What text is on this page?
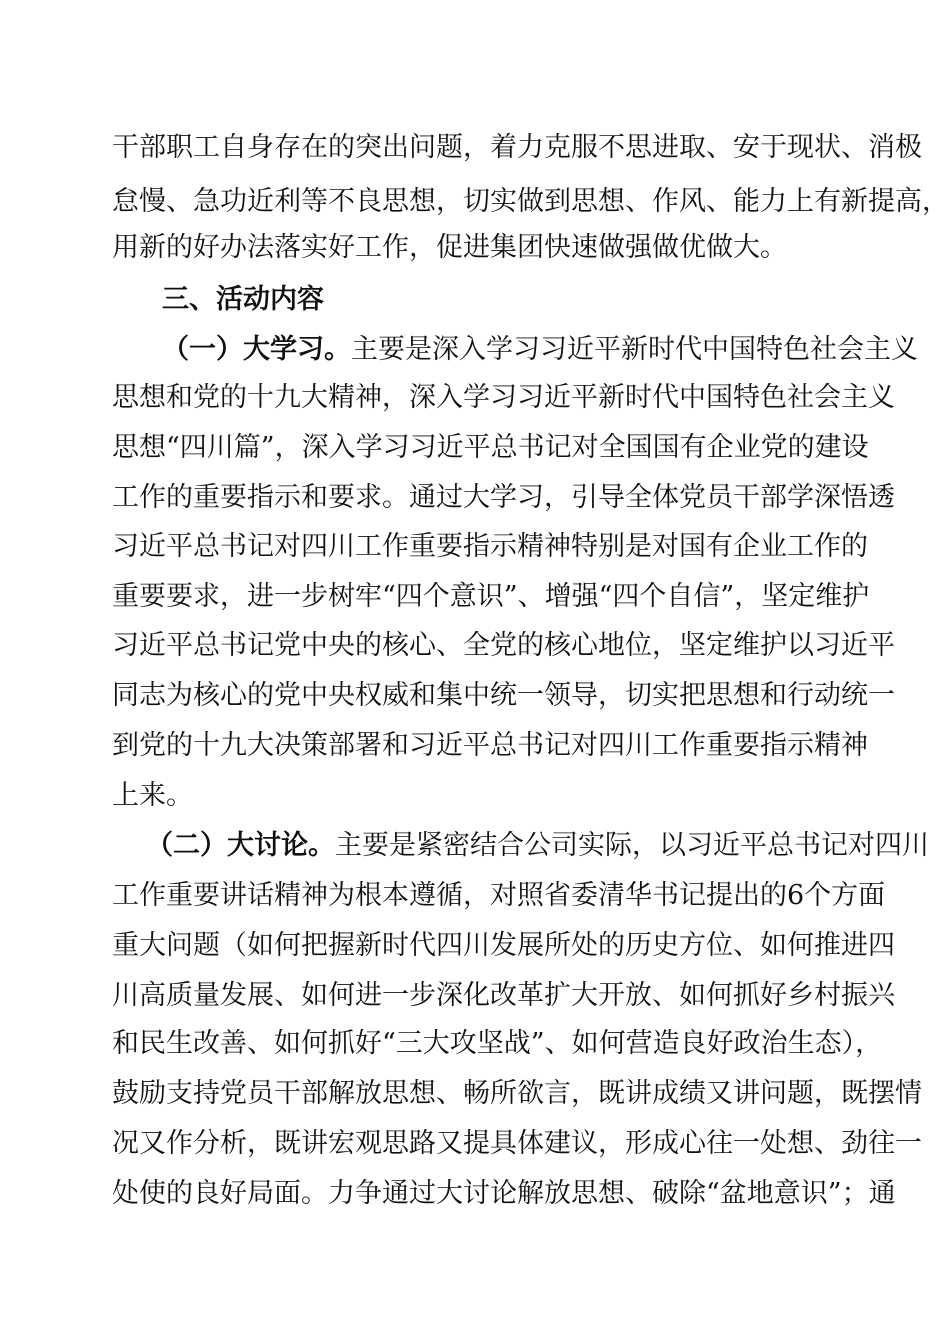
干部职工自身存在的突出问题，着力克服不思进取、安于现状、消极
怠慢、急功近利等不良思想，切实做到思想、作风、能力上有新提高，
用新的好办法落实好工作，促进集团快速做强做优做大。
三、活动内容
（一）大学习。主要是深入学习习近平新时代中国特色社会主义
思想和党的十九大精神，深入学习习近平新时代中国特色社会主义
思想“四川篇”，深入学习习近平总书记对全国国有企业党的建设
工作的重要指示和要求。通过大学习，引导全体党员干部学深悟透
习近平总书记对四川工作重要指示精神特别是对国有企业工作的
重要要求，进一步树牢“四个意识”、增强“四个自信”，坚定维护
习近平总书记党中央的核心、全党的核心地位，坚定维护以习近平
同志为核心的党中央权威和集中统一领导，切实把思想和行动统一
到党的十九大决策部署和习近平总书记对四川工作重要指示精神
上来。
（二）大讨论。主要是紧密结合公司实际，以习近平总书记对四川
工作重要讲话精神为根本遵循，对照省委清华书记提出的6个方面
重大问题（如何把握新时代四川发展所处的历史方位、如何推进四
川高质量发展、如何进一步深化改革扩大开放、如何抓好乡村振兴
和民生改善、如何抓好“三大攻坚战”、如何营造良好政治生态），
鼓励支持党员干部解放思想、畅所欲言，既讲成绩又讲问题，既摆情
况又作分析，既讲宏观思路又提具体建议，形成心往一处想、劲往一
处使的良好局面。力争通过大讨论解放思想、破除“盆地意识”；通
